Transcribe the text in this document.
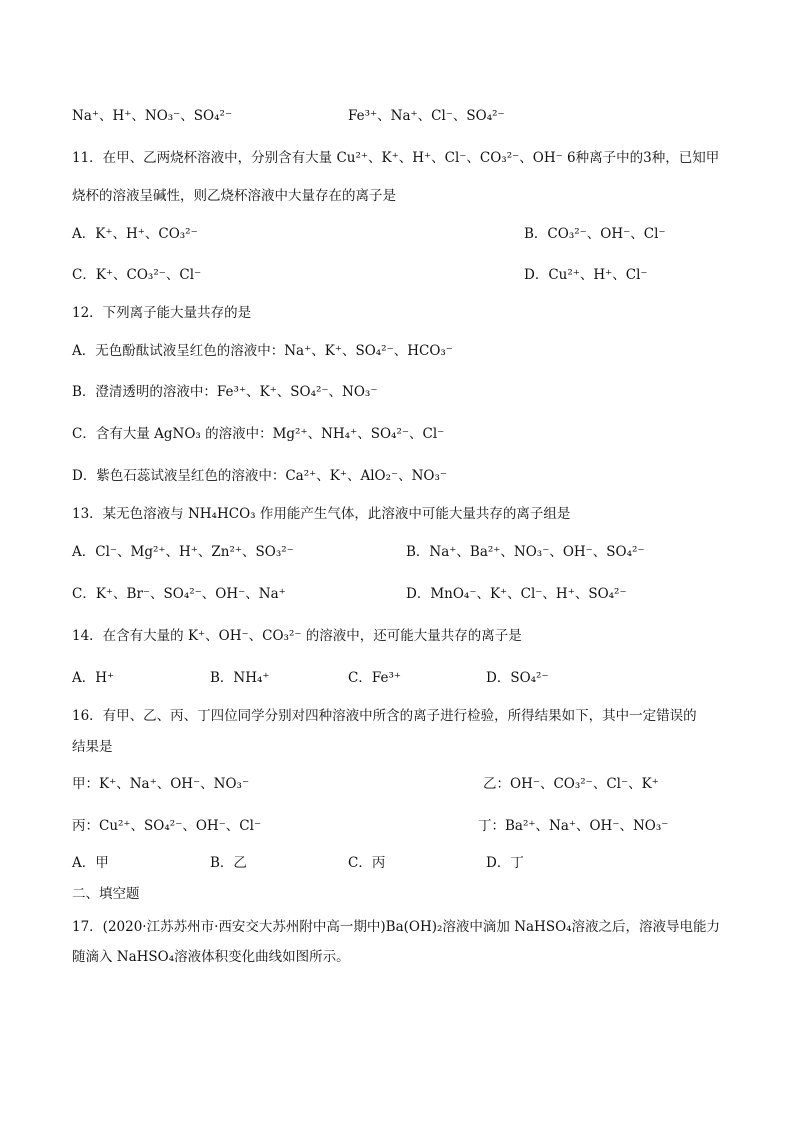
Na⁺、H⁺、NO₃⁻、SO₄²⁻	Fe³⁺、Na⁺、Cl⁻、SO₄²⁻
11．在甲、乙两烧杯溶液中，分别含有大量 Cu²⁺、K⁺、H⁺、Cl⁻、CO₃²⁻、OH⁻ 6种离子中的3种，已知甲
烧杯的溶液呈碱性，则乙烧杯溶液中大量存在的离子是
A．K⁺、H⁺、CO₃²⁻	B．CO₃²⁻、OH⁻、Cl⁻
C．K⁺、CO₃²⁻、Cl⁻	D．Cu²⁺、H⁺、Cl⁻
12．下列离子能大量共存的是
A．无色酚酞试液呈红色的溶液中：Na⁺、K⁺、SO₄²⁻、HCO₃⁻
B．澄清透明的溶液中：Fe³⁺、K⁺、SO₄²⁻、NO₃⁻
C．含有大量 AgNO₃ 的溶液中：Mg²⁺、NH₄⁺、SO₄²⁻、Cl⁻
D．紫色石蕊试液呈红色的溶液中：Ca²⁺、K⁺、AlO₂⁻、NO₃⁻
13．某无色溶液与 NH₄HCO₃ 作用能产生气体，此溶液中可能大量共存的离子组是
A．Cl⁻、Mg²⁺、H⁺、Zn²⁺、SO₃²⁻	B．Na⁺、Ba²⁺、NO₃⁻、OH⁻、SO₄²⁻
C．K⁺、Br⁻、SO₄²⁻、OH⁻、Na⁺	D．MnO₄⁻、K⁺、Cl⁻、H⁺、SO₄²⁻
14．在含有大量的 K⁺、OH⁻、CO₃²⁻ 的溶液中，还可能大量共存的离子是
A．H⁺	B．NH₄⁺	C．Fe³⁺	D．SO₄²⁻
16．有甲、乙、丙、丁四位同学分别对四种溶液中所含的离子进行检验，所得结果如下，其中一定错误的
结果是
甲：K⁺、Na⁺、OH⁻、NO₃⁻	乙：OH⁻、CO₃²⁻、Cl⁻、K⁺
丙：Cu²⁺、SO₄²⁻、OH⁻、Cl⁻	丁：Ba²⁺、Na⁺、OH⁻、NO₃⁻
A．甲	B．乙	C．丙	D．丁
二、填空题
17．(2020·江苏苏州市·西安交大苏州附中高一期中)Ba(OH)₂溶液中滴加 NaHSO₄溶液之后，溶液导电能力
随滴入 NaHSO₄溶液体积变化曲线如图所示。
